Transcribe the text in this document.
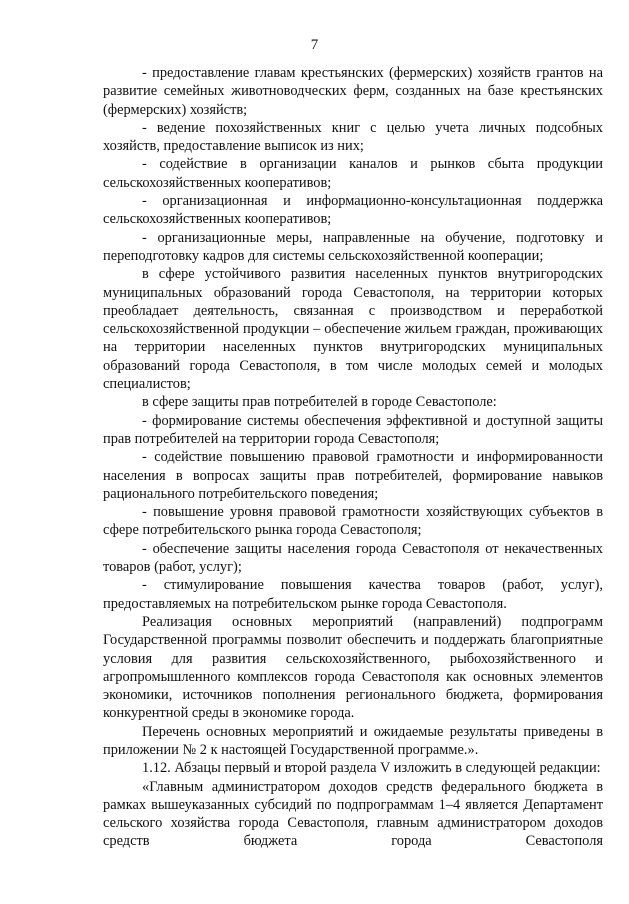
7

- предоставление главам крестьянских (фермерских) хозяйств грантов на развитие семейных животноводческих ферм, созданных на базе крестьянских (фермерских) хозяйств;

- ведение похозяйственных книг с целью учета личных подсобных хозяйств, предоставление выписок из них;

- содействие в организации каналов и рынков сбыта продукции сельскохозяйственных кооперативов;

- организационная и информационно-консультационная поддержка сельскохозяйственных кооперативов;

- организационные меры, направленные на обучение, подготовку и переподготовку кадров для системы сельскохозяйственной кооперации;

в сфере устойчивого развития населенных пунктов внутригородских муниципальных образований города Севастополя, на территории которых преобладает деятельность, связанная с производством и переработкой сельскохозяйственной продукции – обеспечение жильем граждан, проживающих на территории населенных пунктов внутригородских муниципальных образований города Севастополя, в том числе молодых семей и молодых специалистов;

в сфере защиты прав потребителей в городе Севастополе:

- формирование системы обеспечения эффективной и доступной защиты прав потребителей на территории города Севастополя;

- содействие повышению правовой грамотности и информированности населения в вопросах защиты прав потребителей, формирование навыков рационального потребительского поведения;

- повышение уровня правовой грамотности хозяйствующих субъектов в сфере потребительского рынка города Севастополя;

- обеспечение защиты населения города Севастополя от некачественных товаров (работ, услуг);

- стимулирование повышения качества товаров (работ, услуг), предоставляемых на потребительском рынке города Севастополя.

Реализация основных мероприятий (направлений) подпрограмм Государственной программы позволит обеспечить и поддержать благоприятные условия для развития сельскохозяйственного, рыбохозяйственного и агропромышленного комплексов города Севастополя как основных элементов экономики, источников пополнения регионального бюджета, формирования конкурентной среды в экономике города.

Перечень основных мероприятий и ожидаемые результаты приведены в приложении № 2 к настоящей Государственной программе.».

1.12. Абзацы первый и второй раздела V изложить в следующей редакции:

«Главным администратором доходов средств федерального бюджета в рамках вышеуказанных субсидий по подпрограммам 1–4 является Департамент сельского хозяйства города Севастополя, главным администратором доходов средств бюджета города Севастополя
